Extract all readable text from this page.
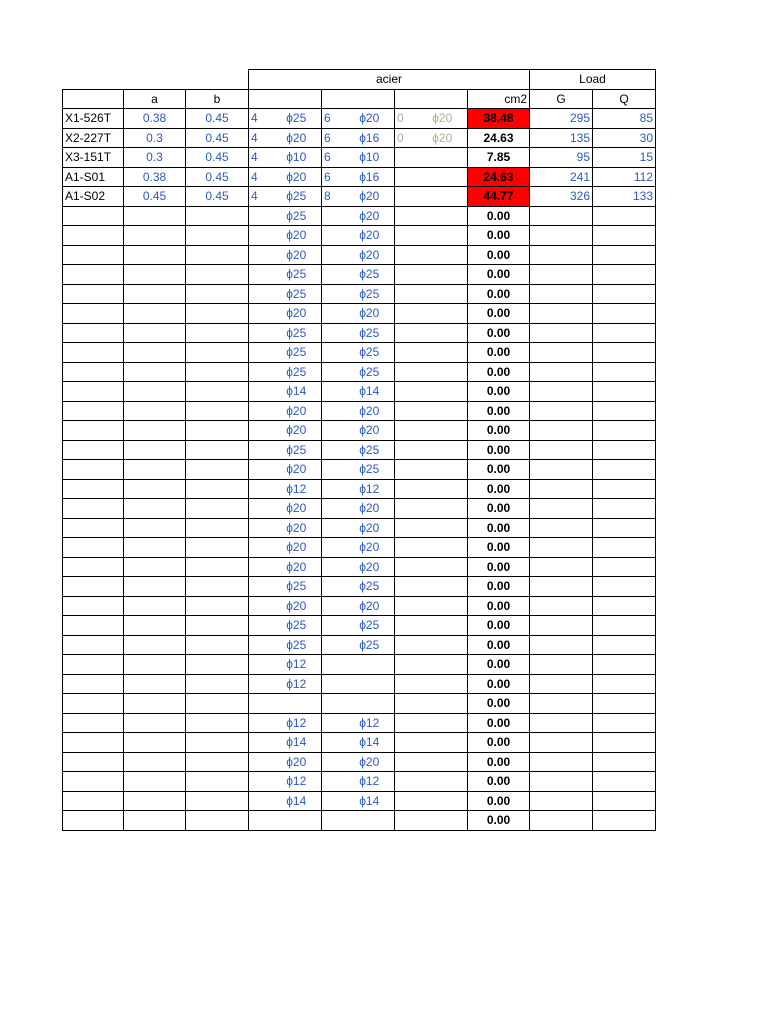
			acier							Load	
	a	b							cm2	G	Q
X1-526T	0.38	0.45	4	ϕ25	6	ϕ20	0	ϕ20	38.48	295	85
X2-227T	0.3	0.45	4	ϕ20	6	ϕ16	0	ϕ20	24.63	135	30
X3-151T	0.3	0.45	4	ϕ10	6	ϕ10			7.85	95	15
A1-S01	0.38	0.45	4	ϕ20	6	ϕ16			24.63	241	112
A1-S02	0.45	0.45	4	ϕ25	8	ϕ20			44.77	326	133
				ϕ25		ϕ20			0.00		
				ϕ20		ϕ20			0.00		
				ϕ20		ϕ20			0.00		
				ϕ25		ϕ25			0.00		
				ϕ25		ϕ25			0.00		
				ϕ20		ϕ20			0.00		
				ϕ25		ϕ25			0.00		
				ϕ25		ϕ25			0.00		
				ϕ25		ϕ25			0.00		
				ϕ14		ϕ14			0.00		
				ϕ20		ϕ20			0.00		
				ϕ20		ϕ20			0.00		
				ϕ25		ϕ25			0.00		
				ϕ20		ϕ25			0.00		
				ϕ12		ϕ12			0.00		
				ϕ20		ϕ20			0.00		
				ϕ20		ϕ20			0.00		
				ϕ20		ϕ20			0.00		
				ϕ20		ϕ20			0.00		
				ϕ25		ϕ25			0.00		
				ϕ20		ϕ20			0.00		
				ϕ25		ϕ25			0.00		
				ϕ25		ϕ25			0.00		
				ϕ12					0.00		
				ϕ12					0.00		
									0.00		
				ϕ12		ϕ12			0.00		
				ϕ14		ϕ14			0.00		
				ϕ20		ϕ20			0.00		
				ϕ12		ϕ12			0.00		
				ϕ14		ϕ14			0.00		
									0.00		
